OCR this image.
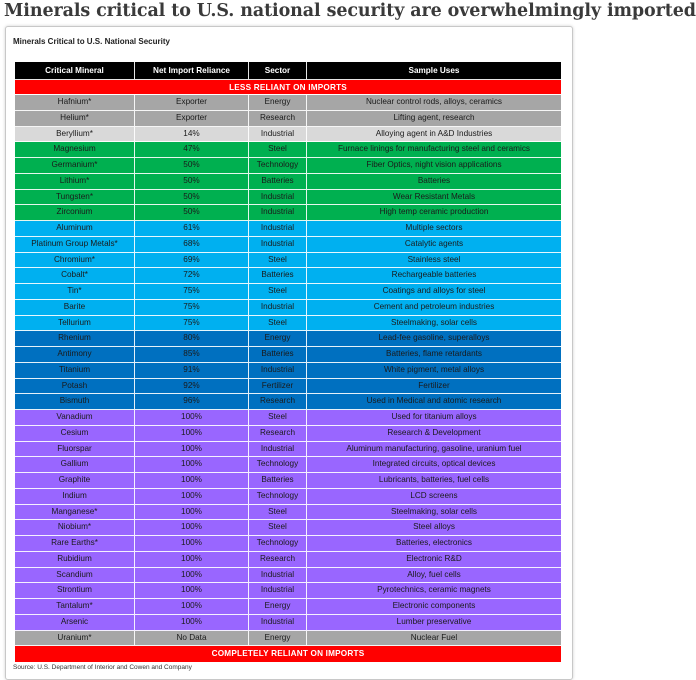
Minerals critical to U.S. national security are overwhelmingly imported
Minerals Critical to U.S. National Security
Critical Mineral	Net Import Reliance	Sector	Sample Uses
LESS RELIANT ON IMPORTS
Hafnium*	Exporter	Energy	Nuclear control rods, alloys, ceramics
Helium*	Exporter	Research	Lifting agent, research
Beryllium*	14%	Industrial	Alloying agent in A&D Industries
Magnesium	47%	Steel	Furnace linings for manufacturing steel and ceramics
Germanium*	50%	Technology	Fiber Optics, night vision applications
Lithium*	50%	Batteries	Batteries
Tungsten*	50%	Industrial	Wear Resistant Metals
Zirconium	50%	Industrial	High temp ceramic production
Aluminum	61%	Industrial	Multiple sectors
Platinum Group Metals*	68%	Industrial	Catalytic agents
Chromium*	69%	Steel	Stainless steel
Cobalt*	72%	Batteries	Rechargeable batteries
Tin*	75%	Steel	Coatings and alloys for steel
Barite	75%	Industrial	Cement and petroleum industries
Tellurium	75%	Steel	Steelmaking, solar cells
Rhenium	80%	Energy	Lead-fee gasoline, superalloys
Antimony	85%	Batteries	Batteries, flame retardants
Titanium	91%	Industrial	White pigment, metal alloys
Potash	92%	Fertilizer	Fertilizer
Bismuth	96%	Research	Used in Medical and atomic research
Vanadium	100%	Steel	Used for titanium alloys
Cesium	100%	Research	Research & Development
Fluorspar	100%	Industrial	Aluminum manufacturing, gasoline, uranium fuel
Gallium	100%	Technology	Integrated circuits, optical devices
Graphite	100%	Batteries	Lubricants, batteries, fuel cells
Indium	100%	Technology	LCD screens
Manganese*	100%	Steel	Steelmaking, solar cells
Niobium*	100%	Steel	Steel alloys
Rare Earths*	100%	Technology	Batteries, electronics
Rubidium	100%	Research	Electronic R&D
Scandium	100%	Industrial	Alloy, fuel cells
Strontium	100%	Industrial	Pyrotechnics, ceramic magnets
Tantalum*	100%	Energy	Electronic components
Arsenic	100%	Industrial	Lumber preservative
Uranium*	No Data	Energy	Nuclear Fuel
COMPLETELY RELIANT ON IMPORTS
Source: U.S. Department of Interior and Cowen and Company
